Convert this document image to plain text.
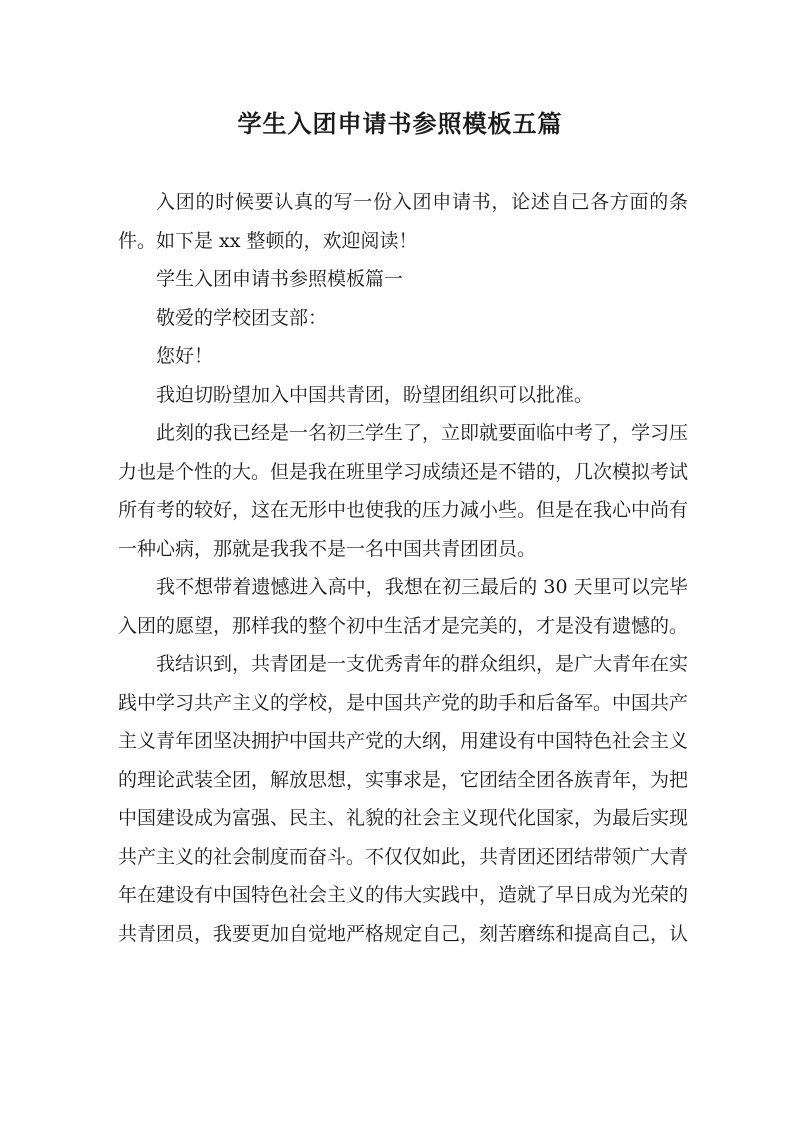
学生入团申请书参照模板五篇

入团的时候要认真的写一份入团申请书，论述自己各方面的条件。如下是 xx 整顿的，欢迎阅读！

学生入团申请书参照模板篇一

敬爱的学校团支部：

您好！

我迫切盼望加入中国共青团，盼望团组织可以批准。

此刻的我已经是一名初三学生了，立即就要面临中考了，学习压力也是个性的大。但是我在班里学习成绩还是不错的，几次模拟考试所有考的较好，这在无形中也使我的压力减小些。但是在我心中尚有一种心病，那就是我我不是一名中国共青团团员。

我不想带着遗憾进入高中，我想在初三最后的 30 天里可以完毕入团的愿望，那样我的整个初中生活才是完美的，才是没有遗憾的。

我结识到，共青团是一支优秀青年的群众组织，是广大青年在实践中学习共产主义的学校，是中国共产党的助手和后备军。中国共产主义青年团坚决拥护中国共产党的大纲，用建设有中国特色社会主义的理论武装全团，解放思想，实事求是，它团结全团各族青年，为把中国建设成为富强、民主、礼貌的社会主义现代化国家，为最后实现共产主义的社会制度而奋斗。不仅仅如此，共青团还团结带领广大青年在建设有中国特色社会主义的伟大实践中，造就了早日成为光荣的共青团员，我要更加自觉地严格规定自己，刻苦磨练和提高自己，认
